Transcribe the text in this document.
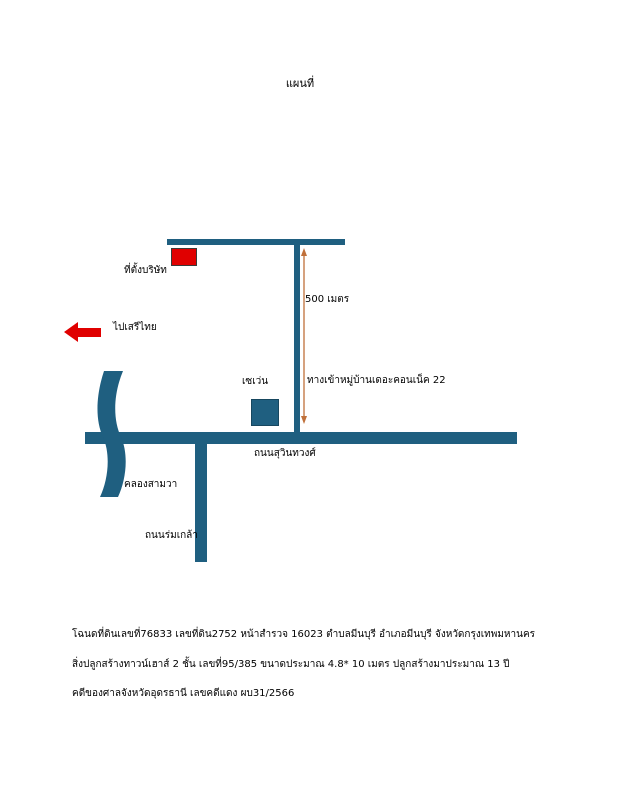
แผนที่
ที่ตั้งบริษัท
ไปเสรีไทย
500 เมตร
เซเว่น	ทางเข้าหมู่บ้านเดอะคอนเน็ค 22
ถนนสุวินทวงศ์
คลองสามวา
ถนนร่มเกล้า
โฉนดที่ดินเลขที่76833 เลขที่ดิน2752 หน้าสำรวจ 16023 ตำบลมีนบุรี อำเภอมีนบุรี จังหวัดกรุงเทพมหานคร
สิ่งปลูกสร้างทาวน์เฮาส์ 2 ชั้น เลขที่95/385 ขนาดประมาณ 4.8* 10 เมตร ปลูกสร้างมาประมาณ 13 ปี
คดีของศาลจังหวัดอุดรธานี เลขคดีแดง ผบ31/2566
